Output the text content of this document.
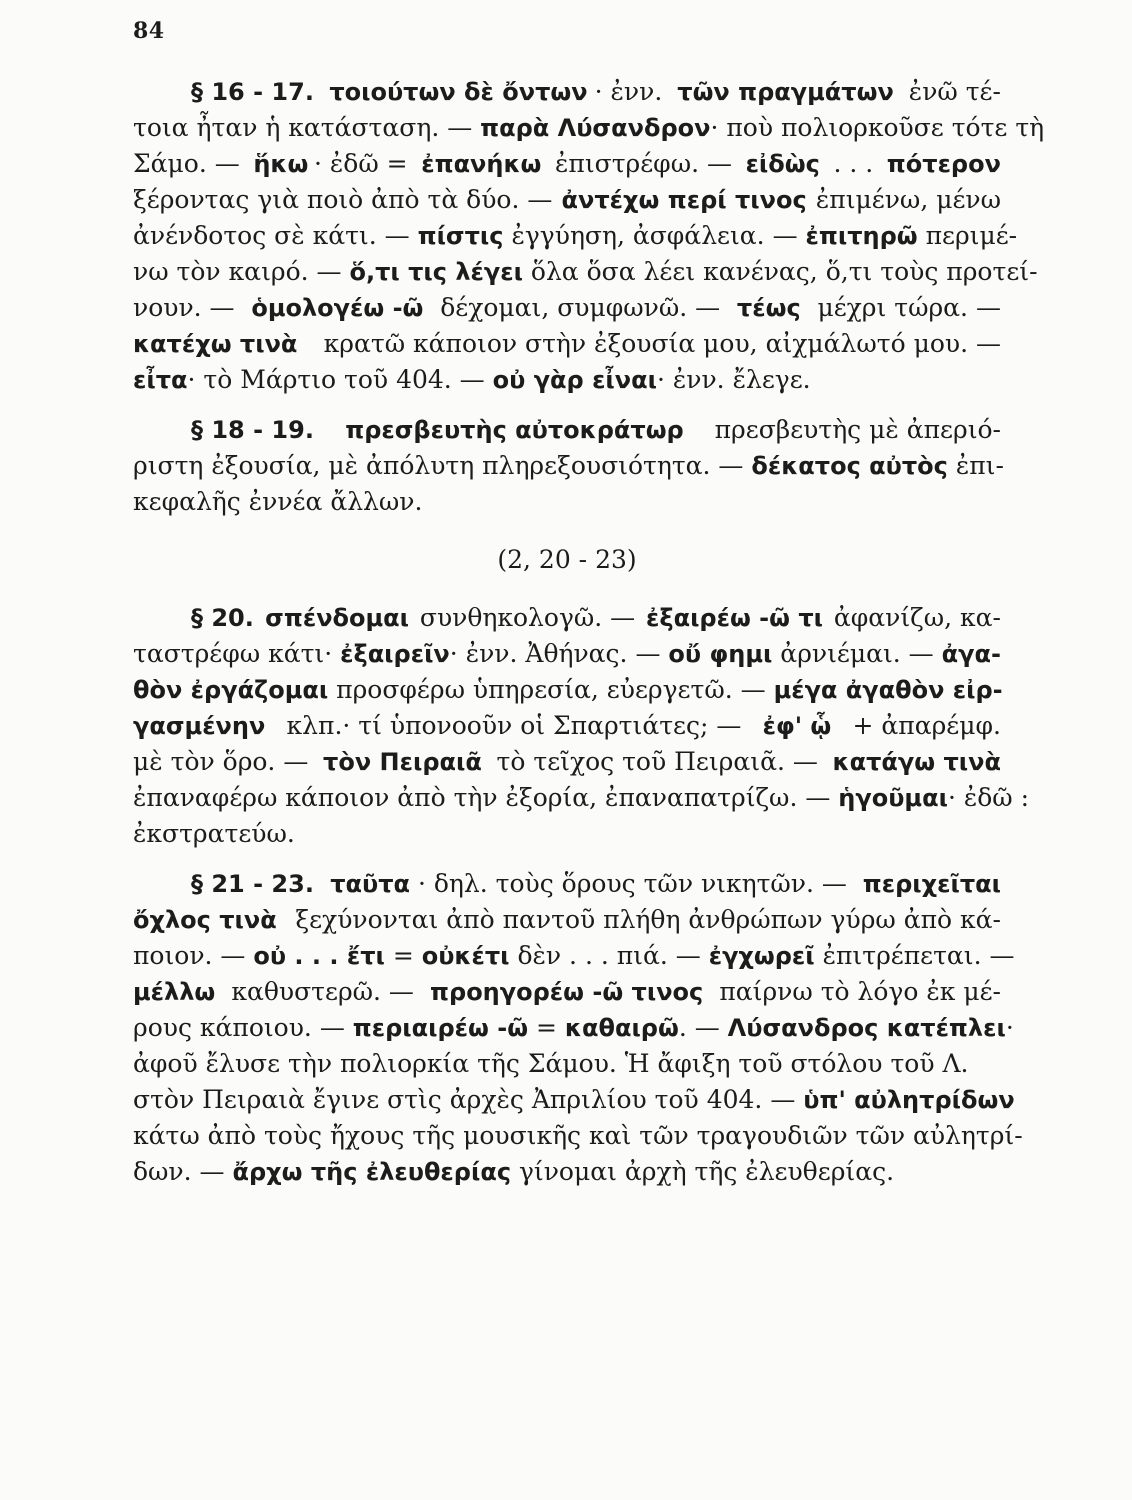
84
§ 16 - 17. τοιούτων δὲ ὄντων · ἐνν. τῶν πραγμάτων ἐνῶ τέ-
τοια ἦταν ἡ κατάσταση. — παρὰ Λύσανδρον · ποὺ πολιορκοῦσε τότε τὴ
Σάμο. — ἥκω · ἐδῶ = ἐπανήκω ἐπιστρέφω. — εἰδὼς . . . πότερον
ξέροντας γιὰ ποιὸ ἀπὸ τὰ δύο. — ἀντέχω περί τινος ἐπιμένω, μένω
ἀνένδοτος σὲ κάτι. — πίστις ἐγγύηση, ἀσφάλεια. — ἐπιτηρῶ περιμέ-
νω τὸν καιρό. — ὅ,τι τις λέγει ὅλα ὅσα λέει κανένας, ὅ,τι τοὺς προτεί-
νουν. — ὁμολογέω -ῶ δέχομαι, συμφωνῶ. — τέως μέχρι τώρα. —
κατέχω τινὰ κρατῶ κάποιον στὴν ἐξουσία μου, αἰχμάλωτό μου. —
εἶτα· τὸ Μάρτιο τοῦ 404. — οὐ γὰρ εἶναι· ἐνν. ἔλεγε.
§ 18 - 19. πρεσβευτὴς αὐτοκράτωρ πρεσβευτὴς μὲ ἀπεριό-
ριστη ἐξουσία, μὲ ἀπόλυτη πληρεξουσιότητα. — δέκατος αὐτὸς ἐπι-
κεφαλῆς ἐννέα ἄλλων.
(2, 20 - 23)
§ 20. σπένδομαι συνθηκολογῶ. — ἐξαιρέω -ῶ τι ἀφανίζω, κα-
ταστρέφω κάτι· ἐξαιρεῖν · ἐνν. Ἀθήνας. — οὔ φημι ἀρνιέμαι. — ἀγα-
θὸν ἐργάζομαι προσφέρω ὑπηρεσία, εὐεργετῶ. — μέγα ἀγαθὸν εἰρ-
γασμένην κλπ.· τί ὑπονοοῦν οἱ Σπαρτιάτες; — ἐφ' ᾧ + ἀπαρέμφ.
μὲ τὸν ὅρο. — τὸν Πειραιᾶ τὸ τεῖχος τοῦ Πειραιᾶ. — κατάγω τινὰ
ἐπαναφέρω κάποιον ἀπὸ τὴν ἐξορία, ἐπαναπατρίζω. — ἡγοῦμαι · ἐδῶ :
ἐκστρατεύω.
§ 21 - 23. ταῦτα · δηλ. τοὺς ὅρους τῶν νικητῶν. — περιχεῖται
ὄχλος τινὰ ξεχύνονται ἀπὸ παντοῦ πλήθη ἀνθρώπων γύρω ἀπὸ κά-
ποιον. — οὐ . . . ἔτι = οὐκέτι δὲν . . . πιά. — ἐγχωρεῖ ἐπιτρέπεται. —
μέλλω καθυστερῶ. — προηγορέω -ῶ τινος παίρνω τὸ λόγο ἐκ μέ-
ρους κάποιου. — περιαιρέω -ῶ = καθαιρῶ . — Λύσανδρος κατέπλει ·
ἀφοῦ ἔλυσε τὴν πολιορκία τῆς Σάμου. Ἡ ἄφιξη τοῦ στόλου τοῦ Λ.
στὸν Πειραιὰ ἔγινε στὶς ἀρχὲς Ἀπριλίου τοῦ 404. — ὑπ' αὐλητρίδων
κάτω ἀπὸ τοὺς ἤχους τῆς μουσικῆς καὶ τῶν τραγουδιῶν τῶν αὐλητρί-
δων. — ἄρχω τῆς ἐλευθερίας γίνομαι ἀρχὴ τῆς ἐλευθερίας.
